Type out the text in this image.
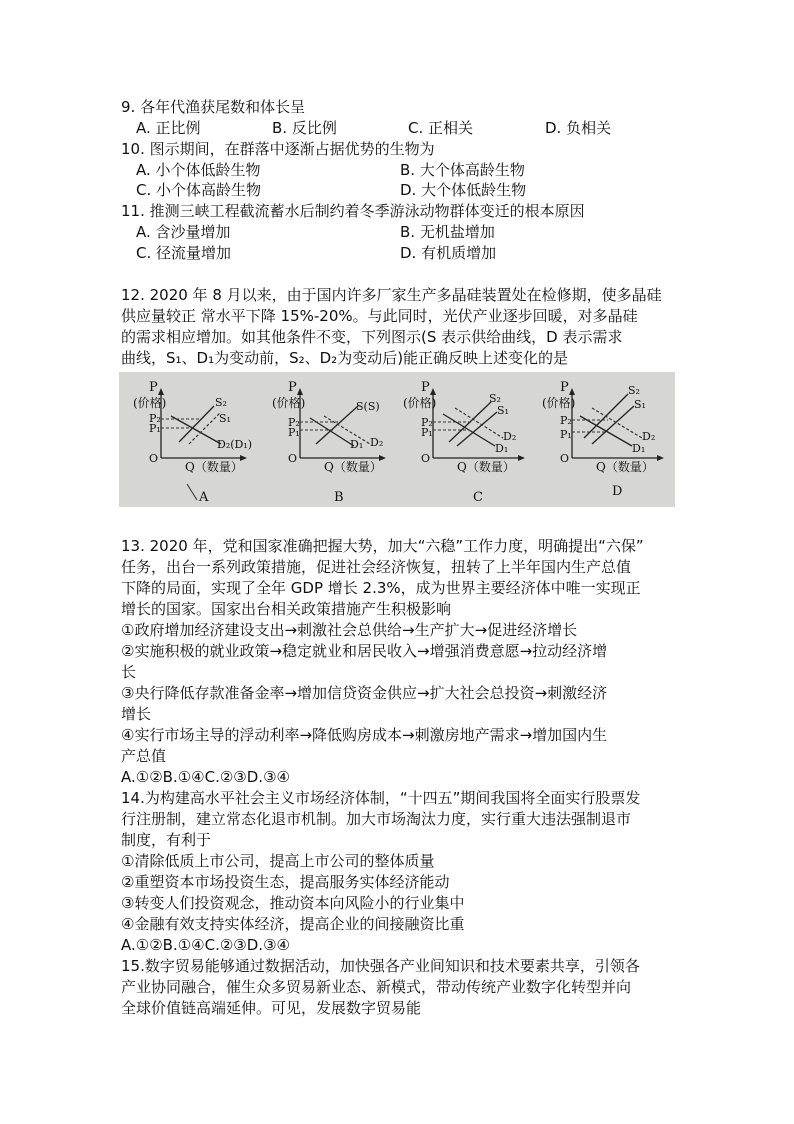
9. 各年代渔获尾数和体长呈
A. 正比例	B. 反比例	C. 正相关	D. 负相关
10. 图示期间，在群落中逐渐占据优势的生物为
A. 小个体低龄生物	B. 大个体高龄生物
C. 小个体高龄生物	D. 大个体低龄生物
11. 推测三峡工程截流蓄水后制约着冬季游泳动物群体变迁的根本原因
A. 含沙量增加	B. 无机盐增加
C. 径流量增加	D. 有机质增加
12. 2020 年 8 月以来，由于国内许多厂家生产多晶硅装置处在检修期，使多晶硅
供应量较正 常水平下降 15%-20%。与此同时，光伏产业逐步回暖，对多晶硅
的需求相应增加。如其他条件不变，下列图示(S 表示供给曲线，D 表示需求
曲线，S₁、D₁为变动前，S₂、D₂为变动后)能正确反映上述变化的是
P
(价格)
P₂
P₁
S₂
S₁
D₂(D₁)
O
Q（数量）
A
P
(价格)
P₂
P₁
S(S)
D₁ D₂
O
Q（数量）
B
P
(价格)
P₂
P₁
S₂
S₁
D₂
D₁
O
Q（数量）
C
P
(价格)
P₂
P₁
S₂
S₁
D₁
D₂
O
Q（数量）
D
13. 2020 年，党和国家准确把握大势，加大“六稳”工作力度，明确提出“六保”
任务，出台一系列政策措施，促进社会经济恢复，扭转了上半年国内生产总值
下降的局面，实现了全年 GDP 增长 2.3%，成为世界主要经济体中唯一实现正
增长的国家。国家出台相关政策措施产生积极影响
①政府增加经济建设支出→刺激社会总供给→生产扩大→促进经济增长
②实施积极的就业政策→稳定就业和居民收入→增强消费意愿→拉动经济增
长
③央行降低存款准备金率→增加信贷资金供应→扩大社会总投资→刺激经济
增长
④实行市场主导的浮动利率→降低购房成本→刺激房地产需求→增加国内生
产总值
A.①②B.①④C.②③D.③④
14.为构建高水平社会主义市场经济体制，“十四五”期间我国将全面实行股票发
行注册制，建立常态化退市机制。加大市场淘汰力度，实行重大违法强制退市
制度，有利于
①清除低质上市公司，提高上市公司的整体质量
②重塑资本市场投资生态，提高服务实体经济能动
③转变人们投资观念，推动资本向风险小的行业集中
④金融有效支持实体经济，提高企业的间接融资比重
A.①②B.①④C.②③D.③④
15.数字贸易能够通过数据活动，加快强各产业间知识和技术要素共享，引领各
产业协同融合，催生众多贸易新业态、新模式，带动传统产业数字化转型并向
全球价值链高端延伸。可见，发展数字贸易能
